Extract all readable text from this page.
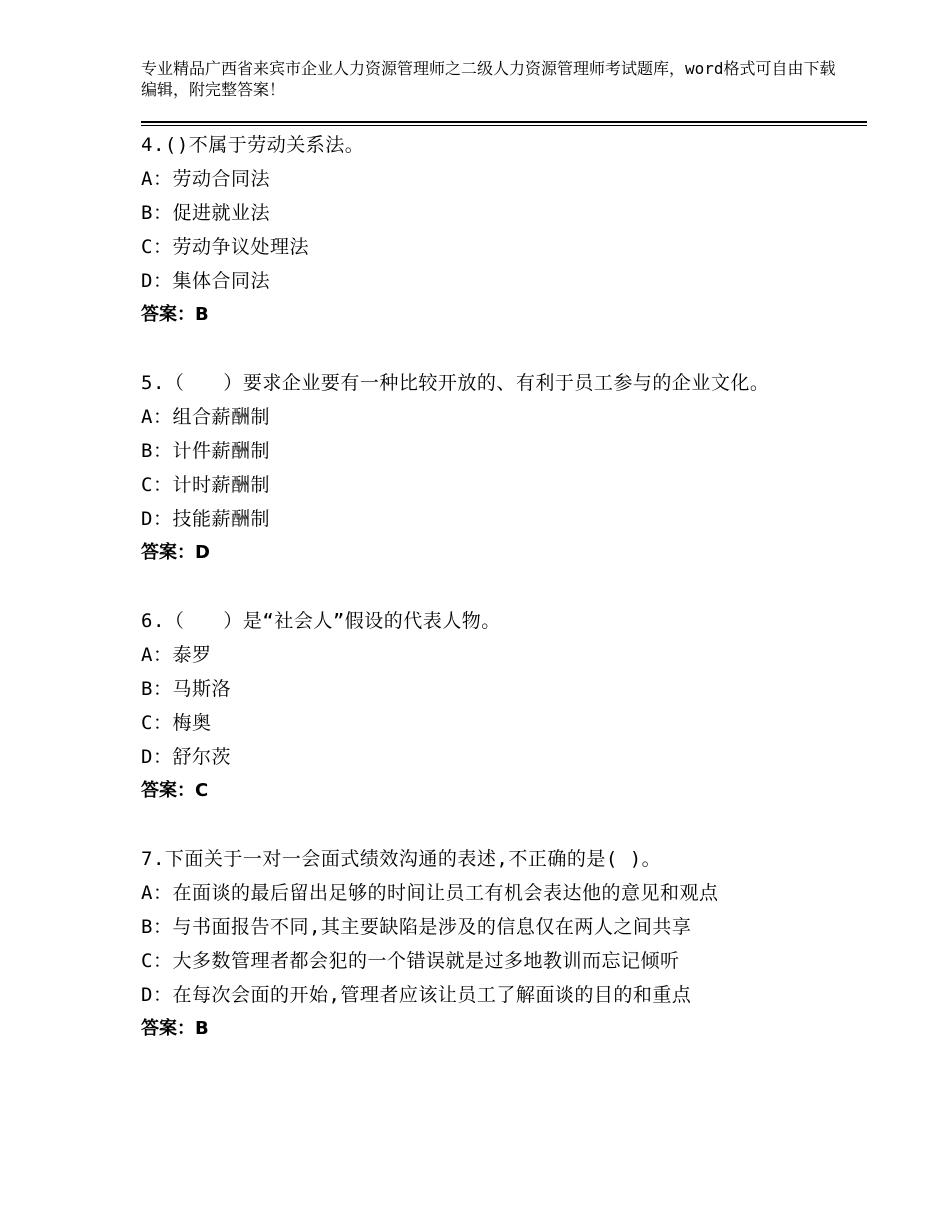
专业精品广西省来宾市企业人力资源管理师之二级人力资源管理师考试题库，word格式可自由下载编辑，附完整答案！
4.()不属于劳动关系法。
A：劳动合同法
B：促进就业法
C：劳动争议处理法
D：集体合同法
答案：B
5.（　　）要求企业要有一种比较开放的、有利于员工参与的企业文化。
A：组合薪酬制
B：计件薪酬制
C：计时薪酬制
D：技能薪酬制
答案：D
6.（　　）是“社会人”假设的代表人物。
A：泰罗
B：马斯洛
C：梅奥
D：舒尔茨
答案：C
7.下面关于一对一会面式绩效沟通的表述,不正确的是( )。
A：在面谈的最后留出足够的时间让员工有机会表达他的意见和观点
B：与书面报告不同,其主要缺陷是涉及的信息仅在两人之间共享
C：大多数管理者都会犯的一个错误就是过多地教训而忘记倾听
D：在每次会面的开始,管理者应该让员工了解面谈的目的和重点
答案：B
